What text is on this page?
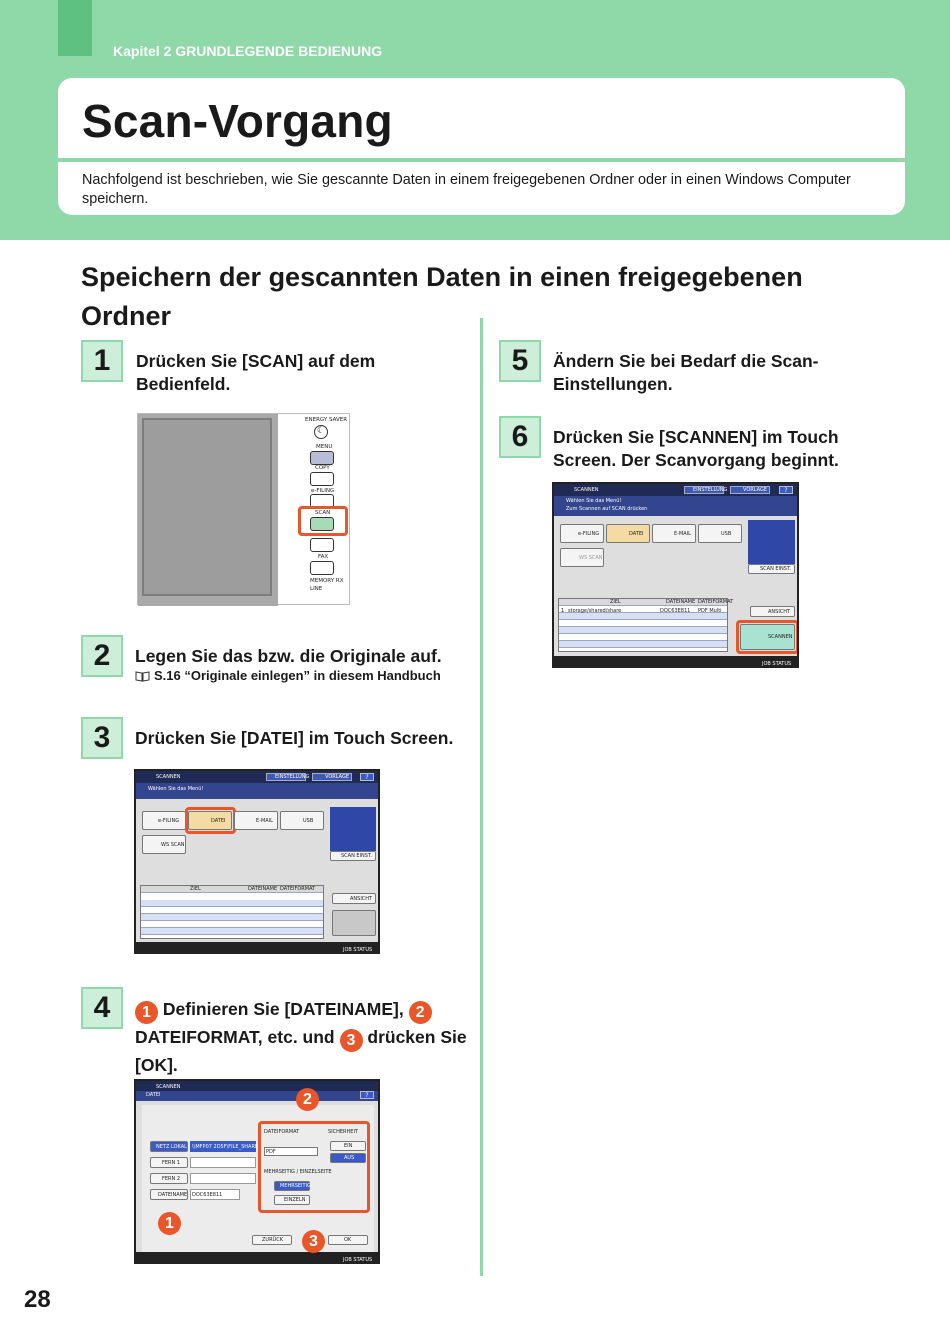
Kapitel 2 GRUNDLEGENDE BEDIENUNG
Scan-Vorgang

Nachfolgend ist beschrieben, wie Sie gescannte Daten in einem freigegebenen Ordner oder in einen Windows Computer speichern.

Speichern der gescannten Daten in einen freigegebenen Ordner
1	Drücken Sie [SCAN] auf dem Bedienfeld.
ENERGY SAVER
☾
MENU
COPY
e-FILING
SCAN
FAX
MEMORY RX
LINE
2	Legen Sie das bzw. die Originale auf.
S.16 “Originale einlegen” in diesem Handbuch
3	Drücken Sie [DATEI] im Touch Screen.
SCANNEN	EINSTELLUNG	VORLAGE	?
Wählen Sie das Menü!
e-FILING	DATEI	E-MAIL	USB
WS SCAN
SCAN EINST.
ZIEL	DATEINAME DATEIFORMAT
ANSICHT
JOB STATUS
4	1 Definieren Sie [DATEINAME], 2
DATEIFORMAT, etc. und 3 drücken Sie
[OK].
SCANNEN
DATEI	?
NETZ LOKAL \\MFP07 2D5F\FILE_SHARE
FERN 1
FERN 2
DATEINAME DOC63E811
DATEIFORMAT
PDF
MEHRSEITIG / EINZELSEITE
MEHRSEITIG
EINZELN
SICHERHEIT
EIN
AUS
ZURÜCK	OK
JOB STATUS
2
1
3
5	Ändern Sie bei Bedarf die Scan-Einstellungen.
6	Drücken Sie [SCANNEN] im Touch Screen. Der Scanvorgang beginnt.
SCANNEN	EINSTELLUNG	VORLAGE	?
Wählen Sie das Menü!
Zum Scannen auf SCAN drücken
e-FILING	DATEI	E-MAIL	USB
WS SCAN
SCAN EINST.
ZIEL	DATEINAME DATEIFORMAT
1 storage/shared/share	DOC63E811 PDF Multi	ANSICHT
SCANNEN
JOB STATUS
28
